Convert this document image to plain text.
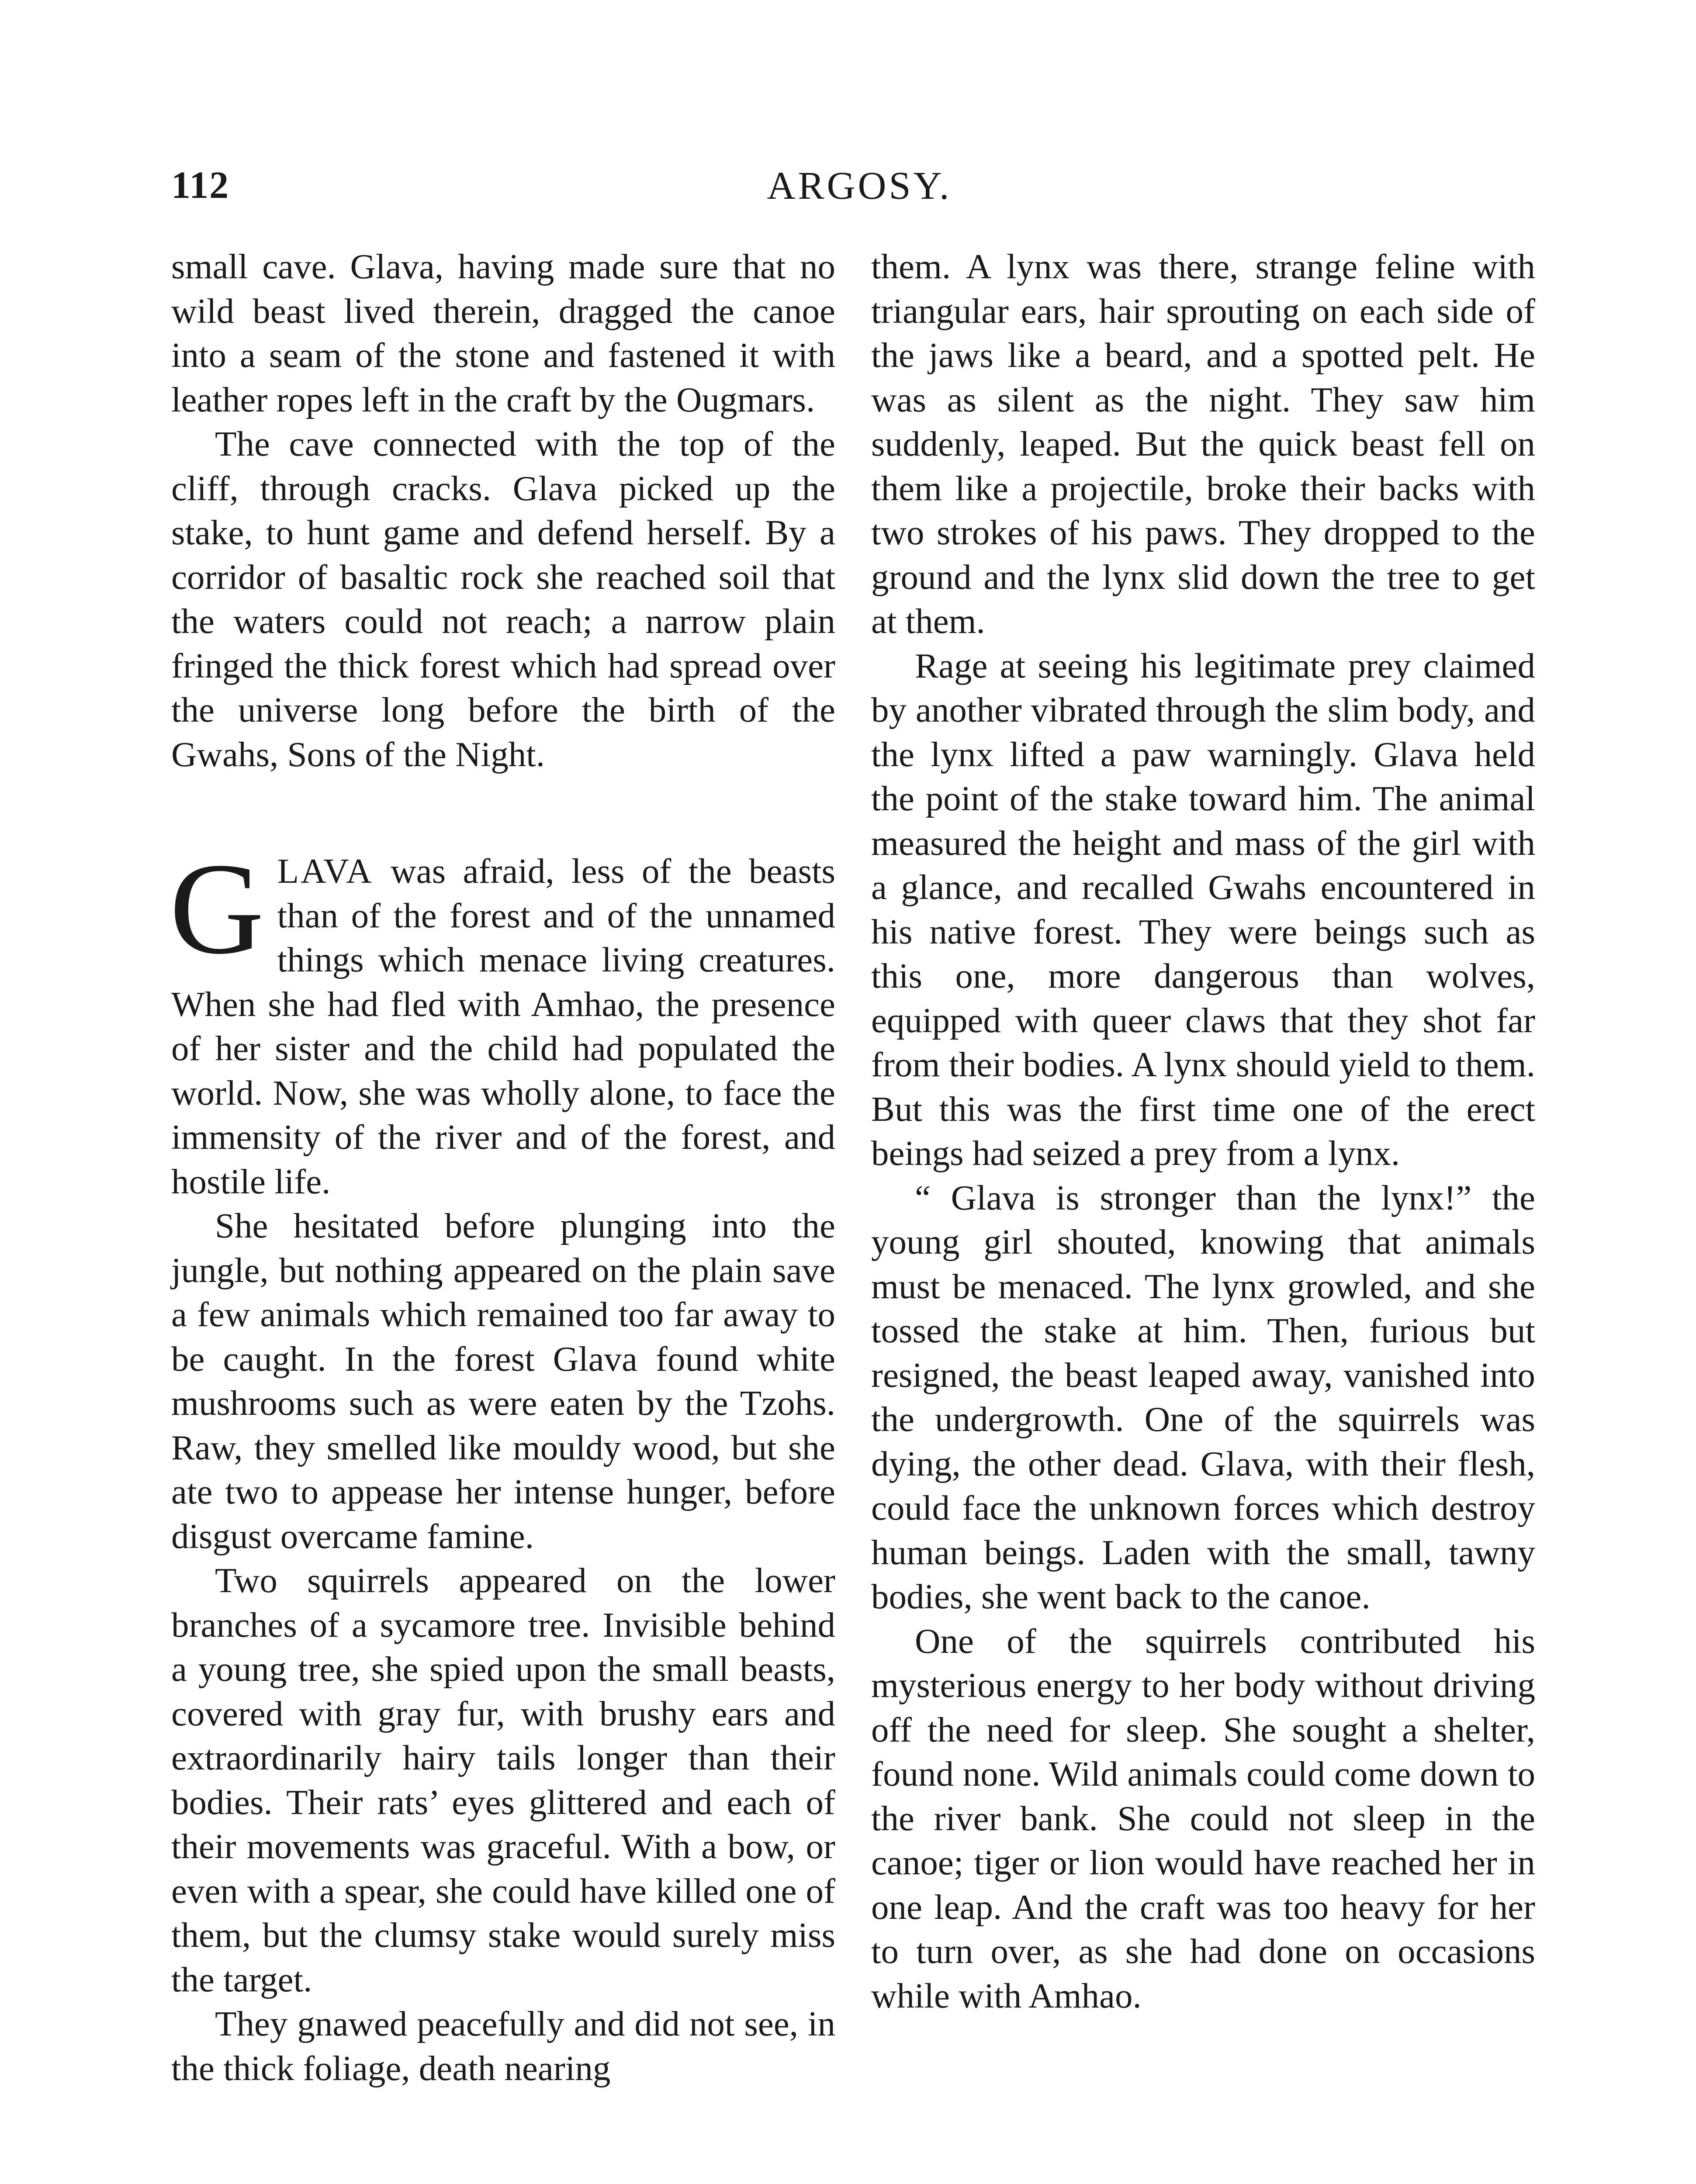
112	ARGOSY.

small cave. Glava, having made sure that no wild beast lived therein, dragged the canoe into a seam of the stone and fastened it with leather ropes left in the craft by the Ougmars.

The cave connected with the top of the cliff, through cracks. Glava picked up the stake, to hunt game and defend herself. By a corridor of basaltic rock she reached soil that the waters could not reach; a narrow plain fringed the thick forest which had spread over the universe long before the birth of the Gwahs, Sons of the Night.

GLAVA was afraid, less of the beasts than of the forest and of the unnamed things which menace living creatures. When she had fled with Amhao, the presence of her sister and the child had populated the world. Now, she was wholly alone, to face the immensity of the river and of the forest, and hostile life.

She hesitated before plunging into the jungle, but nothing appeared on the plain save a few animals which remained too far away to be caught. In the forest Glava found white mushrooms such as were eaten by the Tzohs. Raw, they smelled like mouldy wood, but she ate two to appease her intense hunger, before disgust overcame famine.

Two squirrels appeared on the lower branches of a sycamore tree. Invisible behind a young tree, she spied upon the small beasts, covered with gray fur, with brushy ears and extraordinarily hairy tails longer than their bodies. Their rats’ eyes glittered and each of their movements was graceful. With a bow, or even with a spear, she could have killed one of them, but the clumsy stake would surely miss the target.

They gnawed peacefully and did not see, in the thick foliage, death nearing

them. A lynx was there, strange feline with triangular ears, hair sprouting on each side of the jaws like a beard, and a spotted pelt. He was as silent as the night. They saw him suddenly, leaped. But the quick beast fell on them like a projectile, broke their backs with two strokes of his paws. They dropped to the ground and the lynx slid down the tree to get at them.

Rage at seeing his legitimate prey claimed by another vibrated through the slim body, and the lynx lifted a paw warningly. Glava held the point of the stake toward him. The animal measured the height and mass of the girl with a glance, and recalled Gwahs encountered in his native forest. They were beings such as this one, more dangerous than wolves, equipped with queer claws that they shot far from their bodies. A lynx should yield to them. But this was the first time one of the erect beings had seized a prey from a lynx.

“ Glava is stronger than the lynx!” the young girl shouted, knowing that animals must be menaced. The lynx growled, and she tossed the stake at him. Then, furious but resigned, the beast leaped away, vanished into the undergrowth. One of the squirrels was dying, the other dead. Glava, with their flesh, could face the unknown forces which destroy human beings. Laden with the small, tawny bodies, she went back to the canoe.

One of the squirrels contributed his mysterious energy to her body without driving off the need for sleep. She sought a shelter, found none. Wild animals could come down to the river bank. She could not sleep in the canoe; tiger or lion would have reached her in one leap. And the craft was too heavy for her to turn over, as she had done on occasions while with Amhao.
